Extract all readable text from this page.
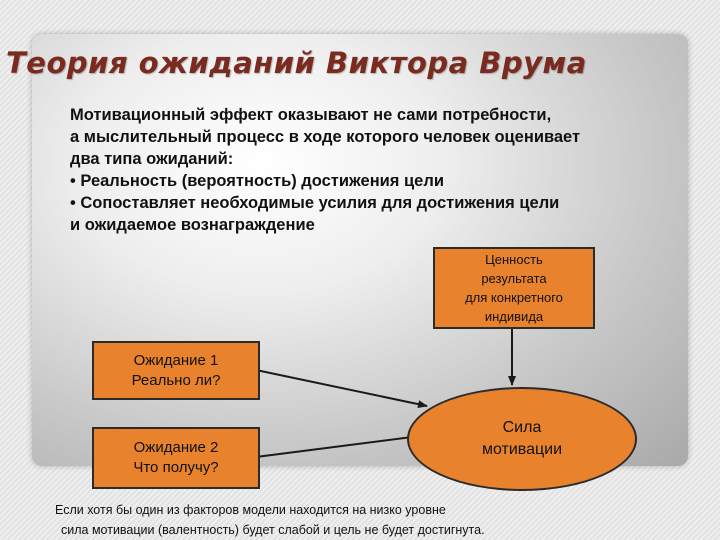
Теория ожиданий Виктора Врума
Мотивационный эффект оказывают не сами потребности,
а мыслительный процесс в ходе которого человек оценивает
два типа ожиданий:
• Реальность (вероятность) достижения цели
• Сопоставляет необходимые усилия для достижения цели
и ожидаемое вознаграждение
Ценность
результата
для конкретного
индивида
Ожидание 1
Реально ли?
Ожидание 2
Что получу?
Сила
мотивации
Если хотя бы один из факторов модели находится на низко уровне
сила мотивации (валентность) будет слабой и цель не будет достигнута.
